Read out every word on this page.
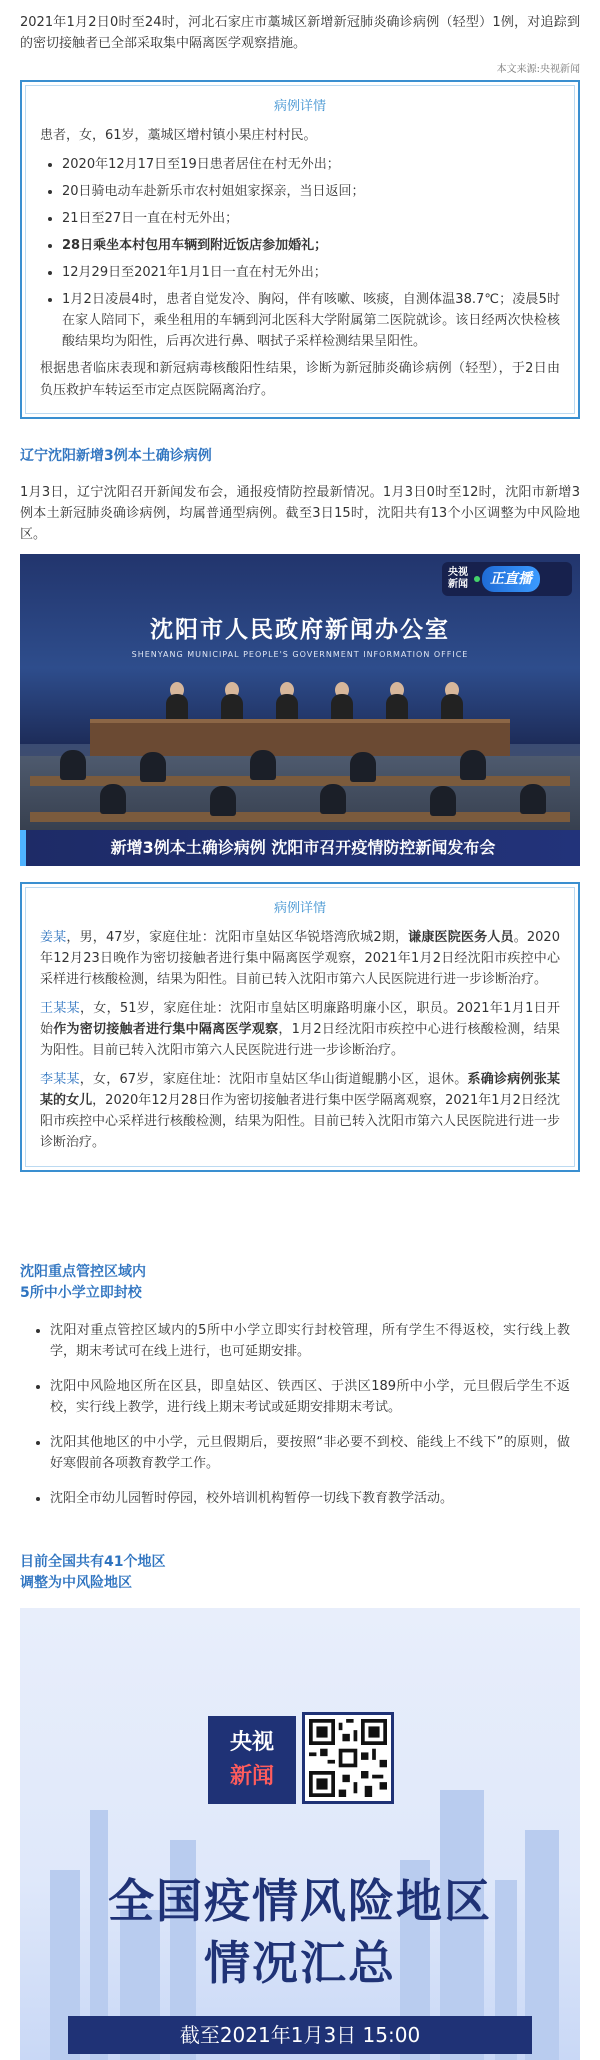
2021年1月2日0时至24时，河北石家庄市藁城区新增新冠肺炎确诊病例（轻型）1例，对追踪到的密切接触者已全部采取集中隔离医学观察措施。

本文来源:央视新闻
病例详情

患者，女，61岁，藁城区增村镇小果庄村村民。

• 2020年12月17日至19日患者居住在村无外出；
• 20日骑电动车赴新乐市农村姐姐家探亲，当日返回；
• 21日至27日一直在村无外出；
• 28日乘坐本村包用车辆到附近饭店参加婚礼；
• 12月29日至2021年1月1日一直在村无外出；
• 1月2日凌晨4时，患者自觉发冷、胸闷，伴有咳嗽、咳痰，自测体温38.7℃；凌晨5时在家人陪同下，乘坐租用的车辆到河北医科大学附属第二医院就诊。该日经两次快检核酸结果均为阳性，后再次进行鼻、咽拭子采样检测结果呈阳性。

根据患者临床表现和新冠病毒核酸阳性结果，诊断为新冠肺炎确诊病例（轻型），于2日由负压救护车转运至市定点医院隔离治疗。

辽宁沈阳新增3例本土确诊病例

1月3日，辽宁沈阳召开新闻发布会，通报疫情防控最新情况。1月3日0时至12时，沈阳市新增3例本土新冠肺炎确诊病例，均属普通型病例。截至3日15时，沈阳共有13个小区调整为中风险地区。

沈阳市人民政府新闻办公室
SHENYANG MUNICIPAL PEOPLE'S GOVERNMENT INFORMATION OFFICE
央视
新闻	正直播
新增3例本土确诊病例 沈阳市召开疫情防控新闻发布会
病例详情

姜某，男，47岁，家庭住址：沈阳市皇姑区华锐塔湾欣城2期，谦康医院医务人员。2020年12月23日晚作为密切接触者进行集中隔离医学观察，2021年1月2日经沈阳市疾控中心采样进行核酸检测，结果为阳性。目前已转入沈阳市第六人民医院进行进一步诊断治疗。

王某某，女，51岁，家庭住址：沈阳市皇姑区明廉路明廉小区，职员。2021年1月1日开始作为密切接触者进行集中隔离医学观察，1月2日经沈阳市疾控中心进行核酸检测，结果为阳性。目前已转入沈阳市第六人民医院进行进一步诊断治疗。

李某某，女，67岁，家庭住址：沈阳市皇姑区华山街道鲲鹏小区，退休。系确诊病例张某某的女儿，2020年12月28日作为密切接触者进行集中医学隔离观察，2021年1月2日经沈阳市疾控中心采样进行核酸检测，结果为阳性。目前已转入沈阳市第六人民医院进行进一步诊断治疗。

沈阳重点管控区域内
5所中小学立即封校
• 沈阳对重点管控区域内的5所中小学立即实行封校管理，所有学生不得返校，实行线上教学，期末考试可在线上进行，也可延期安排。
• 沈阳中风险地区所在区县，即皇姑区、铁西区、于洪区189所中小学，元旦假后学生不返校，实行线上教学，进行线上期末考试或延期安排期末考试。
• 沈阳其他地区的中小学，元旦假期后，要按照“非必要不到校、能线上不线下”的原则，做好寒假前各项教育教学工作。
• 沈阳全市幼儿园暂时停园，校外培训机构暂停一切线下教育教学活动。
目前全国共有41个地区
调整为中风险地区
央视
新闻
全国疫情风险地区
情况汇总
截至2021年1月3日 15:00
